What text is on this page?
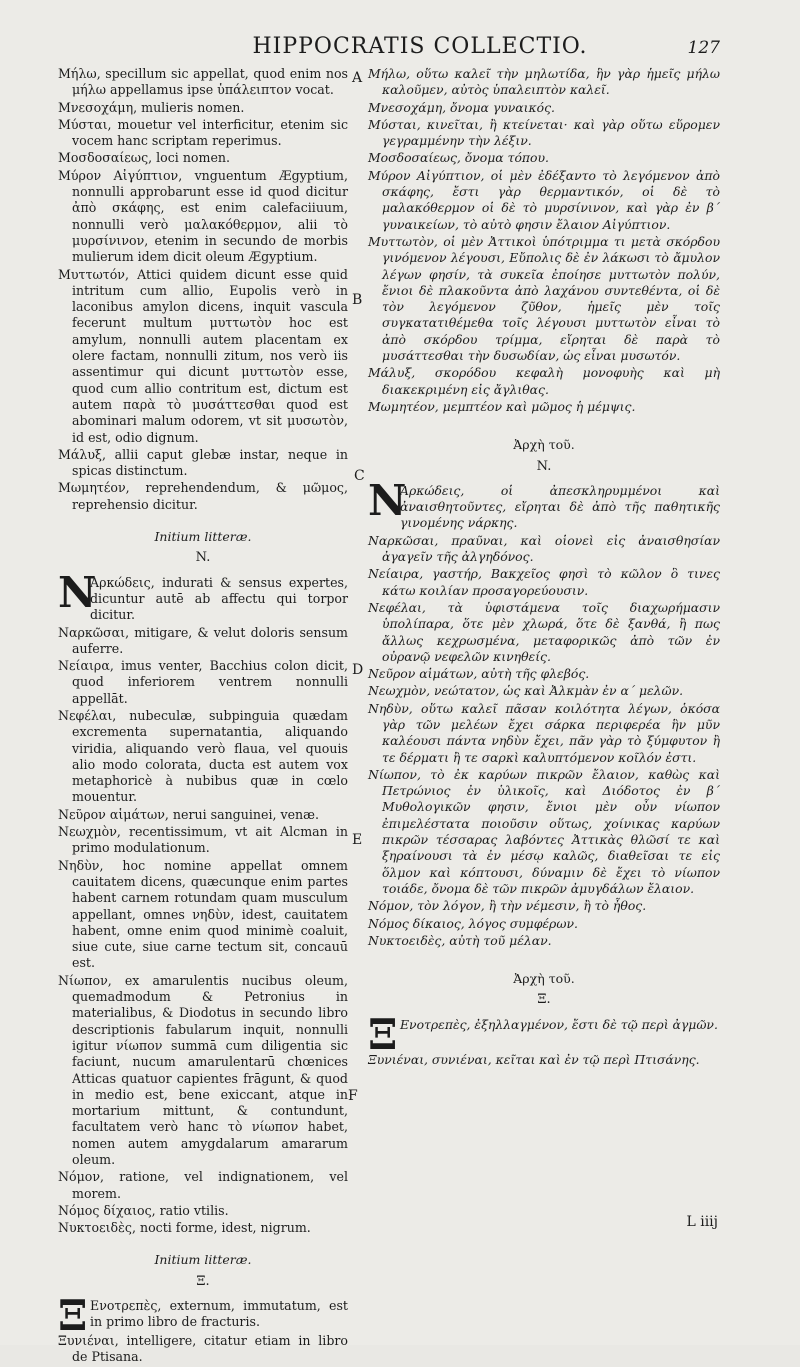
HIPPOCRATIS COLLECTIO.	127

Μήλω, specillum sic appellat, quod enim nos μήλω appellamus ipse ὑπάλειπτον vocat.

Μνεσοχάμη, mulieris nomen.

Μύσται, mouetur vel interficitur, etenim sic vocem hanc scriptam reperimus.

Μοσδοσαίεως, loci nomen.

Μύρον Αἰγύπτιον, vnguentum Ægyptium, nonnulli approbarunt esse id quod dicitur ἀπὸ σκάφης, est enim calefaciiuum, nonnulli verò μαλακόθερμον, alii τὸ μυρσίνινον, etenim in secundo de morbis mulierum idem dicit oleum Ægyptium.

Μυττωτόν, Attici quidem dicunt esse quid intritum cum allio, Eupolis verò in laconibus amylon dicens, inquit vascula fecerunt multum μυττωτὸν hoc est amylum, nonnulli autem placentam ex olere factam, nonnulli zitum, nos verò iis assentimur qui dicunt μυττωτὸν esse, quod cum allio contritum est, dictum est autem παρὰ τὸ μυσάττεσθαι quod est abominari malum odorem, vt sit μυσωτὸν, id est, odio dignum.

Μάλυξ, allii caput glebæ instar, neque in spicas distinctum.

Μωμητέον, reprehendendum, & μῶμος, reprehensio dicitur.

Initium litteræ.
N.

N
Αρκώδεις, indurati & sensus expertes, dicuntur autē ab affectu qui torpor dicitur.

Ναρκῶσαι, mitigare, & velut doloris sensum auferre.

Νείαιρα, imus venter, Bacchius colon dicit, quod inferiorem ventrem nonnulli appellāt.

Νεφέλαι, nubeculæ, subpinguia quædam excrementa supernatantia, aliquando viridia, aliquando verò flaua, vel quouis alio modo colorata, ducta est autem vox metaphoricè à nubibus quæ in cœlo mouentur.

Νεῦρον αἱμάτων, nerui sanguinei, venæ.

Νεωχμὸν, recentissimum, vt ait Alcman in primo modulationum.

Νηδὺν, hoc nomine appellat omnem cauitatem dicens, quæcunque enim partes habent carnem rotundam quam musculum appellant, omnes νηδὺν, idest, cauitatem habent, omne enim quod minimè coaluit, siue cute, siue carne tectum sit, concauū est.

Νίωπον, ex amarulentis nucibus oleum, quemadmodum & Petronius in materialibus, & Diodotus in secundo libro descriptionis fabularum inquit, nonnulli igitur νίωπον summā cum diligentia sic faciunt, nucum amarulentarū chœnices Atticas quatuor capientes frāgunt, & quod in medio est, bene exiccant, atque in mortarium mittunt, & contundunt, facultatem verò hanc τὸ νίωπον habet, nomen autem amygdalarum amararum oleum.

Νόμον, ratione, vel indignationem, vel morem.

Νόμος δίχαιος, ratio vtilis.

Νυκτοειδὲς, nocti forme, idest, nigrum.

Initium litteræ.
Ξ.

Ξ Ενοτρεπὲς, externum, immutatum, est in primo libro de fracturis.

Ξυνιέναι, intelligere, citatur etiam in libro de Ptisana.

Μήλω, οὕτω καλεῖ τὴν μηλωτίδα, ἣν γὰρ ἡμεῖς μήλω καλοῦμεν, αὐτὸς ὑπαλειπτὸν καλεῖ.

Μνεσοχάμη, ὄνομα γυναικός.

Μύσται, κινεῖται, ἢ κτείνεται· καὶ γὰρ οὕτω εὕρομεν γεγραμμένην τὴν λέξιν.

Μοσδοσαίεως, ὄνομα τόπου.

Μύρον Αἰγύπτιον, οἱ μὲν ἐδέξαντο τὸ λεγόμενον ἀπὸ σκάφης, ἔστι γὰρ θερμαντικόν, οἱ δὲ τὸ μαλακόθερμον οἱ δὲ τὸ μυρσίνινον, καὶ γὰρ ἐν β΄ γυναικείων, τὸ αὐτὸ φησιν ἔλαιον Αἰγύπτιον.

Μυττωτὸν, οἱ μὲν Ἀττικοὶ ὑπότριμμα τι μετὰ σκόρδου γινόμενον λέγουσι, Εὔπολις δὲ ἐν λάκωσι τὸ ἄμυλον λέγων φησίν, τὰ συκεῖα ἐποίησε μυττωτὸν πολύν, ἔνιοι δὲ πλακοῦντα ἀπὸ λαχάνου συντεθέντα, οἱ δὲ τὸν λεγόμενον ζῦθον, ἡμεῖς μὲν τοῖς συγκατατιθέμεθα τοῖς λέγουσι μυττωτὸν εἶναι τὸ ἀπὸ σκόρδου τρίμμα, εἴρηται δὲ παρὰ τὸ μυσάττεσθαι τὴν δυσωδίαν, ὡς εἶναι μυσωτόν.

Μάλυξ, σκορόδου κεφαλὴ μονοφυὴς καὶ μὴ διακεκριμένη εἰς ἄγλιθας.

Μωμητέον, μεμπτέον καὶ μῶμος ἡ μέμψις.

Ἀρχὴ τοῦ.
N.

N
Αρκώδεις, οἱ ἀπεσκληρυμμένοι καὶ ἀναισθητοῦντες, εἴρηται δὲ ἀπὸ τῆς παθητικῆς γινομένης νάρκης.

Ναρκῶσαι, πραῦναι, καὶ οἱονεὶ εἰς ἀναισθησίαν ἀγαγεῖν τῆς ἀλγηδόνος.

Νείαιρα, γαστήρ, Βακχεῖος φησὶ τὸ κῶλον ὃ τινες κάτω κοιλίαν προσαγορεύουσιν.

Νεφέλαι, τὰ ὑφιστάμενα τοῖς διαχωρήμασιν ὑπολίπαρα, ὅτε μὲν χλωρά, ὅτε δὲ ξανθά, ἢ πως ἄλλως κεχρωσμένα, μεταφορικῶς ἀπὸ τῶν ἐν οὐρανῷ νεφελῶν κινηθείς.

Νεῦρον αἱμάτων, αὐτὴ τῆς φλεβός.

Νεωχμὸν, νεώτατον, ὡς καὶ Ἀλκμὰν ἐν α΄ μελῶν.

Νηδὺν, οὕτω καλεῖ πᾶσαν κοιλότητα λέγων, ὁκόσα γὰρ τῶν μελέων ἔχει σάρκα περιφερέα ἣν μῦν καλέουσι πάντα νηδὺν ἔχει, πᾶν γὰρ τὸ ξύμφυτον ἢ τε δέρματι ἢ τε σαρκὶ καλυπτόμενον κοῖλόν ἐστι.

Νίωπον, τὸ ἐκ καρύων πικρῶν ἔλαιον, καθὼς καὶ Πετρώνιος ἐν ὑλικοῖς, καὶ Διόδοτος ἐν β΄ Μυθολογικῶν φησιν, ἔνιοι μὲν οὖν νίωπον ἐπιμελέστατα ποιοῦσιν οὕτως, χοίνικας καρύων πικρῶν τέσσαρας λαβόντες Ἀττικὰς θλῶσί τε καὶ ξηραίνουσι τὰ ἐν μέσῳ καλῶς, διαθεῖσαι τε εἰς ὅλμον καὶ κόπτουσι, δύναμιν δὲ ἔχει τὸ νίωπον τοιάδε, ὄνομα δὲ τῶν πικρῶν ἀμυγδάλων ἔλαιον.

Νόμον, τὸν λόγον, ἢ τὴν νέμεσιν, ἢ τὸ ἦθος.

Νόμος δίκαιος, λόγος συμφέρων.

Νυκτοειδὲς, αὐτὴ τοῦ μέλαν.

Ἀρχὴ τοῦ.
Ξ.

Ξ Ενοτρεπὲς, ἐξηλλαγμένον, ἔστι δὲ τῷ περὶ ἀγμῶν.

Ξυνιέναι, συνιέναι, κεῖται καὶ ἐν τῷ περὶ Πτισάνης.

A
B
C
D
E
F
L iiij
